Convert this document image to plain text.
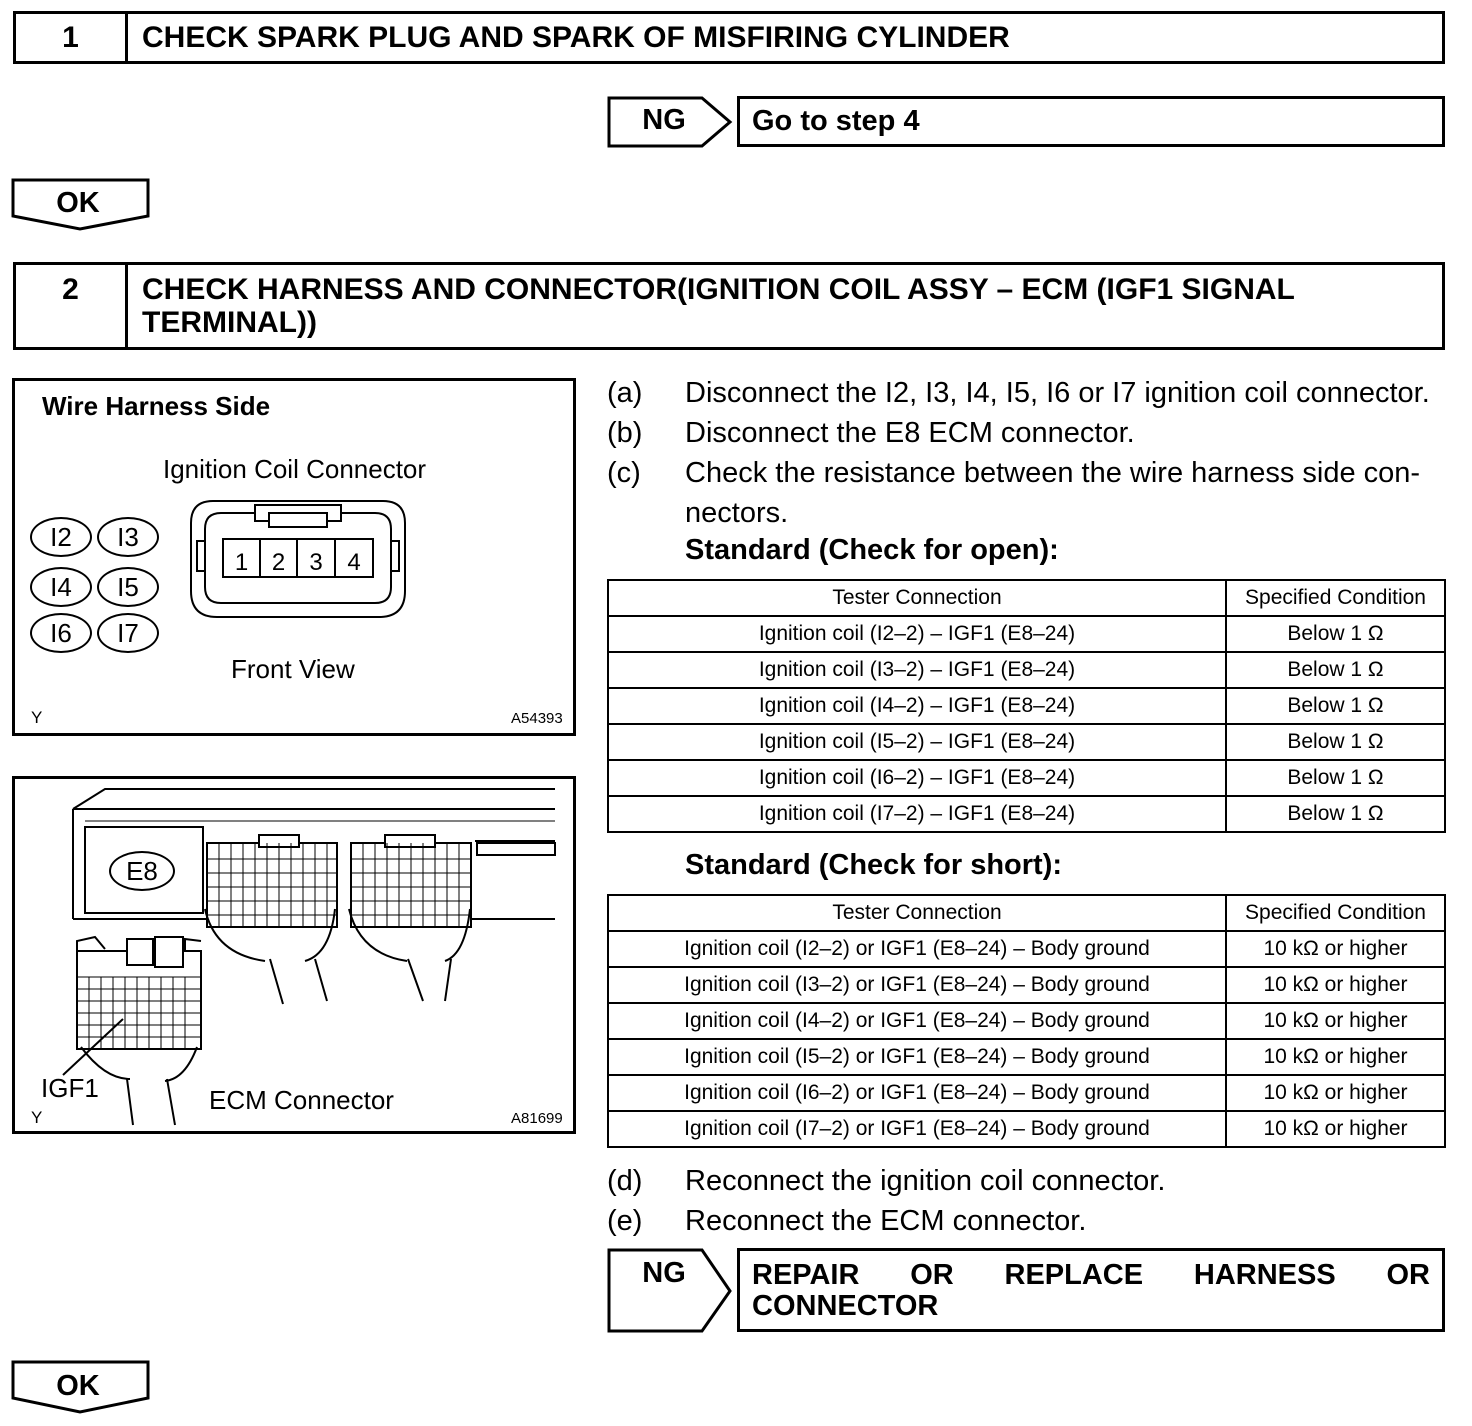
1	CHECK SPARK PLUG AND SPARK OF MISFIRING CYLINDER
NG	Go to step 4
OK
2	CHECK HARNESS AND CONNECTOR(IGNITION COIL ASSY – ECM (IGF1 SIGNAL TERMINAL))
Wire Harness Side
Ignition Coil Connector
Front View
I2	I3
I4	I5
I6	I7
1 2	3	4
Y	A54393
E8
IGF1	ECM Connector
Y	A81699
(a) Disconnect the I2, I3, I4, I5, I6 or I7 ignition coil connector.
(b) Disconnect the E8 ECM connector.
(c) Check the resistance between the wire harness side con-
nectors.
Standard (Check for open):
Tester Connection	Specified Condition
Ignition coil (I2–2) – IGF1 (E8–24)	Below 1 Ω
Ignition coil (I3–2) – IGF1 (E8–24)	Below 1 Ω
Ignition coil (I4–2) – IGF1 (E8–24)	Below 1 Ω
Ignition coil (I5–2) – IGF1 (E8–24)	Below 1 Ω
Ignition coil (I6–2) – IGF1 (E8–24)	Below 1 Ω
Ignition coil (I7–2) – IGF1 (E8–24)	Below 1 Ω
Standard (Check for short):
Tester Connection	Specified Condition
Ignition coil (I2–2) or IGF1 (E8–24) – Body ground	10 kΩ or higher
Ignition coil (I3–2) or IGF1 (E8–24) – Body ground	10 kΩ or higher
Ignition coil (I4–2) or IGF1 (E8–24) – Body ground	10 kΩ or higher
Ignition coil (I5–2) or IGF1 (E8–24) – Body ground	10 kΩ or higher
Ignition coil (I6–2) or IGF1 (E8–24) – Body ground	10 kΩ or higher
Ignition coil (I7–2) or IGF1 (E8–24) – Body ground	10 kΩ or higher
(d) Reconnect the ignition coil connector.
(e) Reconnect the ECM connector.
NG	REPAIR OR REPLACE HARNESS OR CONNECTOR
OK
